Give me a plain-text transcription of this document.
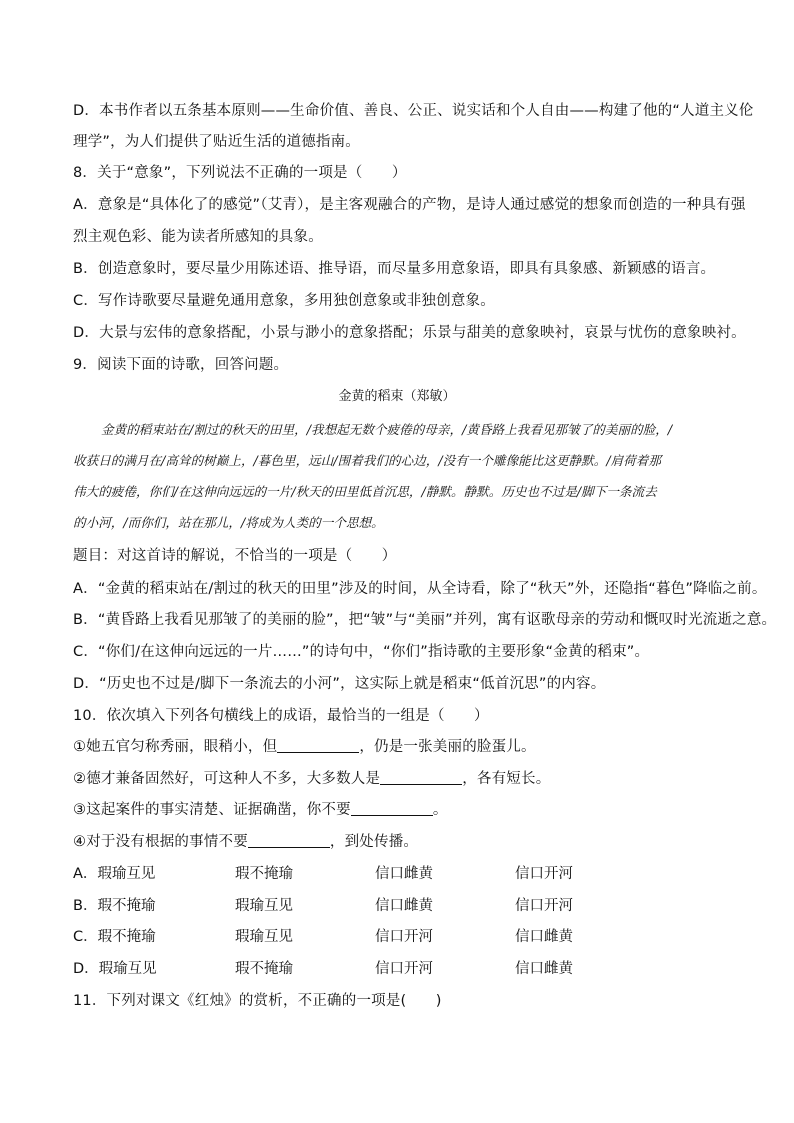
D．本书作者以五条基本原则——生命价值、善良、公正、说实话和个人自由——构建了他的“人道主义伦
理学”，为人们提供了贴近生活的道德指南。
8．关于“意象”，下列说法不正确的一项是（　　）
A．意象是“具体化了的感觉”（艾青），是主客观融合的产物，是诗人通过感觉的想象而创造的一种具有强
烈主观色彩、能为读者所感知的具象。
B．创造意象时，要尽量少用陈述语、推导语，而尽量多用意象语，即具有具象感、新颖感的语言。
C．写作诗歌要尽量避免通用意象，多用独创意象或非独创意象。
D．大景与宏伟的意象搭配，小景与渺小的意象搭配；乐景与甜美的意象映衬，哀景与忧伤的意象映衬。
9．阅读下面的诗歌，回答问题。
金黄的稻束（郑敏）
金黄的稻束站在/割过的秋天的田里，/我想起无数个疲倦的母亲，/黄昏路上我看见那皱了的美丽的脸，/
收获日的满月在/高耸的树巅上，/暮色里，远山/围着我们的心边，/没有一个雕像能比这更静默。/肩荷着那
伟大的疲倦，你们/在这伸向远远的一片/秋天的田里低首沉思，/静默。静默。历史也不过是/脚下一条流去
的小河，/而你们，站在那儿，/将成为人类的一个思想。
题目：对这首诗的解说，不恰当的一项是（　　）
A．“金黄的稻束站在/割过的秋天的田里”涉及的时间，从全诗看，除了“秋天”外，还隐指“暮色”降临之前。
B．“黄昏路上我看见那皱了的美丽的脸”，把“皱”与“美丽”并列，寓有讴歌母亲的劳动和慨叹时光流逝之意。
C．“你们/在这伸向远远的一片……”的诗句中，“你们”指诗歌的主要形象“金黄的稻束”。
D．“历史也不过是/脚下一条流去的小河”，这实际上就是稻束“低首沉思”的内容。
10．依次填入下列各句横线上的成语，最恰当的一组是（　　）
①她五官匀称秀丽，眼稍小，但	，仍是一张美丽的脸蛋儿。
②德才兼备固然好，可这种人不多，大多数人是	，各有短长。
③这起案件的事实清楚、证据确凿，你不要	。
④对于没有根据的事情不要	，到处传播。
A．瑕瑜互见	瑕不掩瑜	信口雌黄	信口开河
B．瑕不掩瑜	瑕瑜互见	信口雌黄	信口开河
C．瑕不掩瑜	瑕瑜互见	信口开河	信口雌黄
D．瑕瑜互见	瑕不掩瑜	信口开河	信口雌黄
11．下列对课文《红烛》的赏析，不正确的一项是(　　)
